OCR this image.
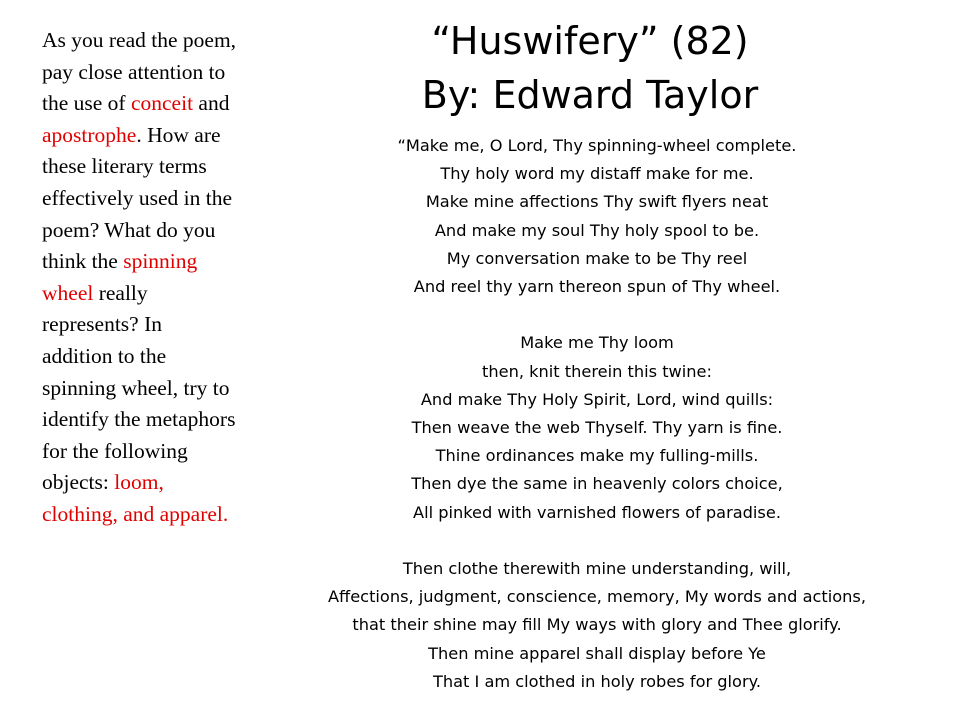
As you read the poem, pay close attention to the use of conceit and apostrophe. How are these literary terms effectively used in the poem? What do you think the spinning wheel really represents? In addition to the spinning wheel, try to identify the metaphors for the following objects: loom, clothing, and apparel.
“Huswifery” (82)
By: Edward Taylor
“Make me, O Lord, Thy spinning-wheel complete.
Thy holy word my distaff make for me.
Make mine affections Thy swift flyers neat
And make my soul Thy holy spool to be.
My conversation make to be Thy reel
And reel thy yarn thereon spun of Thy wheel.
Make me Thy loom
then, knit therein this twine:
And make Thy Holy Spirit, Lord, wind quills:
Then weave the web Thyself. Thy yarn is fine.
Thine ordinances make my fulling-mills.
Then dye the same in heavenly colors choice,
All pinked with varnished flowers of paradise.
Then clothe therewith mine understanding, will,
Affections, judgment, conscience, memory, My words and actions,
that their shine may fill My ways with glory and Thee glorify.
Then mine apparel shall display before Ye
That I am clothed in holy robes for glory.
